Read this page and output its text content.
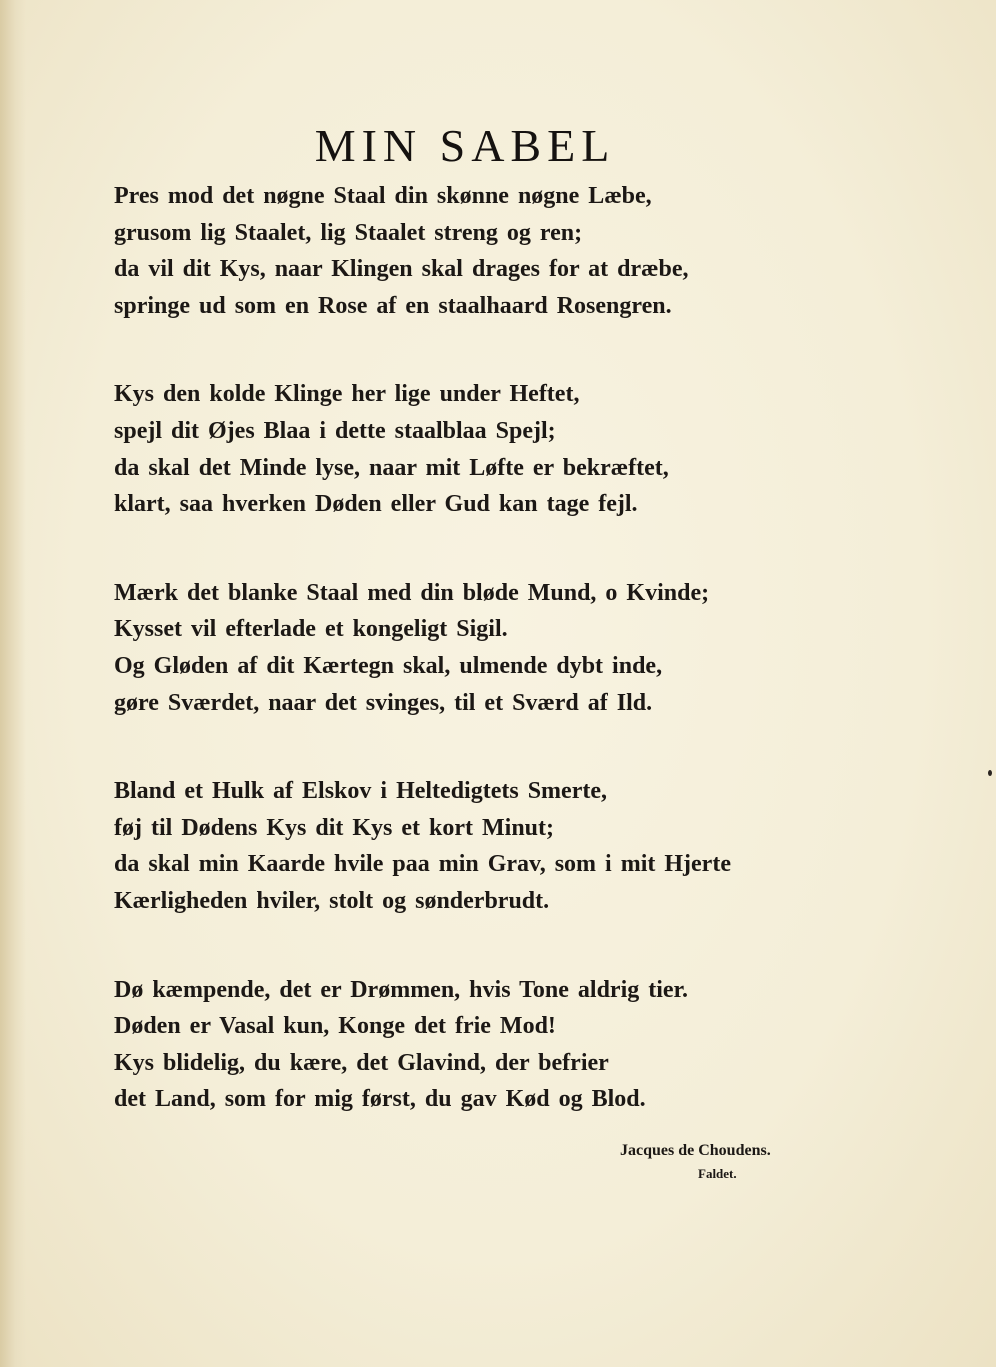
MIN SABEL
Pres mod det nøgne Staal din skønne nøgne Læbe,
grusom lig Staalet, lig Staalet streng og ren;
da vil dit Kys, naar Klingen skal drages for at dræbe,
springe ud som en Rose af en staalhaard Rosengren.
Kys den kolde Klinge her lige under Heftet,
spejl dit Øjes Blaa i dette staalblaa Spejl;
da skal det Minde lyse, naar mit Løfte er bekræftet,
klart, saa hverken Døden eller Gud kan tage fejl.
Mærk det blanke Staal med din bløde Mund, o Kvinde;
Kysset vil efterlade et kongeligt Sigil.
Og Gløden af dit Kærtegn skal, ulmende dybt inde,
gøre Sværdet, naar det svinges, til et Sværd af Ild.
Bland et Hulk af Elskov i Heltedigtets Smerte,
føj til Dødens Kys dit Kys et kort Minut;
da skal min Kaarde hvile paa min Grav, som i mit Hjerte
Kærligheden hviler, stolt og sønderbrudt.
Dø kæmpende, det er Drømmen, hvis Tone aldrig tier.
Døden er Vasal kun, Konge det frie Mod!
Kys blidelig, du kære, det Glavind, der befrier
det Land, som for mig først, du gav Kød og Blod.
Jacques de Choudens.
Faldet.
